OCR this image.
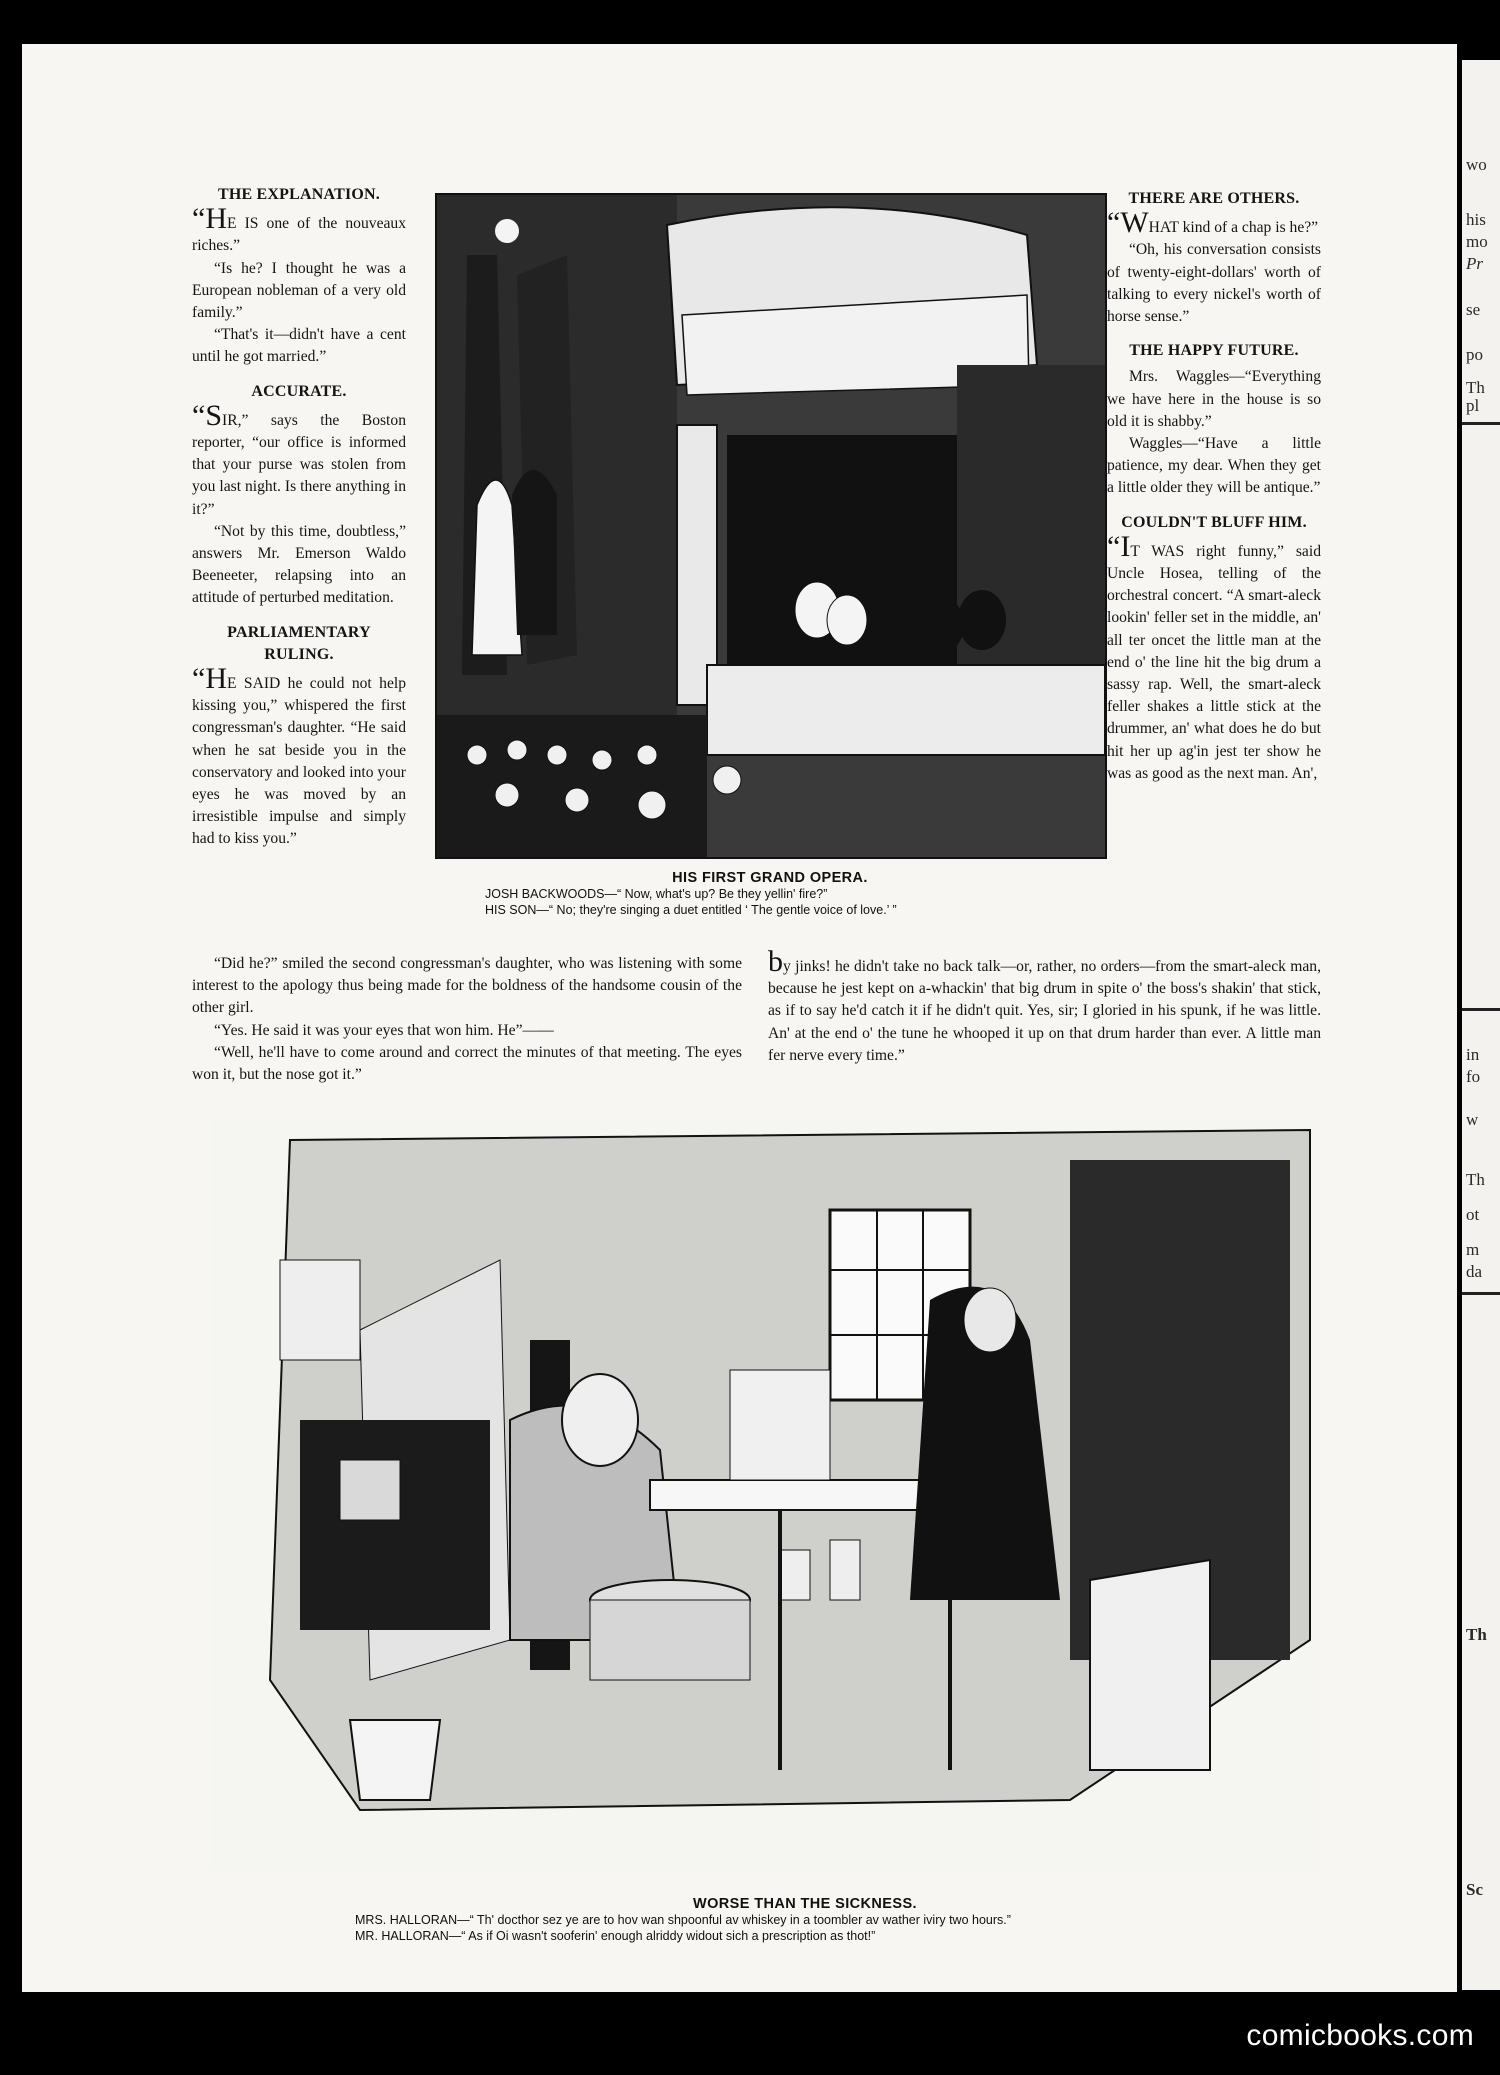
THE EXPLANATION.

“HE IS one of the nouveaux riches.”

“Is he? I thought he was a European nobleman of a very old family.”

“That's it—didn't have a cent until he got married.”

ACCURATE.

“SIR,” says the Boston reporter, “our office is informed that your purse was stolen from you last night. Is there anything in it?”

“Not by this time, doubtless,” answers Mr. Emerson Waldo Beeneeter, relapsing into an attitude of perturbed meditation.

PARLIAMENTARY RULING.

“HE SAID he could not help kissing you,” whispered the first congressman's daughter. “He said when he sat beside you in the conservatory and looked into your eyes he was moved by an irresistible impulse and simply had to kiss you.”

HIS FIRST GRAND OPERA.
JOSH BACKWOODS—“ Now, what's up? Be they yellin' fire?”
HIS SON—“ No; they're singing a duet entitled ‘ The gentle voice of love.’ ”
THERE ARE OTHERS.

“WHAT kind of a chap is he?”

“Oh, his conversation consists of twenty-eight-dollars' worth of talking to every nickel's worth of horse sense.”

THE HAPPY FUTURE.

Mrs. Waggles—“Everything we have here in the house is so old it is shabby.”

Waggles—“Have a little patience, my dear. When they get a little older they will be antique.”

COULDN'T BLUFF HIM.

“IT WAS right funny,” said Uncle Hosea, telling of the orchestral concert. “A smart-aleck lookin' feller set in the middle, an' all ter oncet the little man at the end o' the line hit the big drum a sassy rap. Well, the smart-aleck feller shakes a little stick at the drummer, an' what does he do but hit her up ag'in jest ter show he was as good as the next man. An',

“Did he?” smiled the second congressman's daughter, who was listening with some interest to the apology thus being made for the boldness of the handsome cousin of the other girl.

“Yes. He said it was your eyes that won him. He”——

“Well, he'll have to come around and correct the minutes of that meeting. The eyes won it, but the nose got it.”

by jinks! he didn't take no back talk—or, rather, no orders—from the smart-aleck man, because he jest kept on a-whackin' that big drum in spite o' the boss's shakin' that stick, as if to say he'd catch it if he didn't quit. Yes, sir; I gloried in his spunk, if he was little. An' at the end o' the tune he whooped it up on that drum harder than ever. A little man fer nerve every time.”

WORSE THAN THE SICKNESS.
MRS. HALLORAN—“ Th' docthor sez ye are to hov wan shpoonful av whiskey in a toombler av wather iviry two hours.”
MR. HALLORAN—“ As if Oi wasn't sooferin' enough alriddy widout sich a prescription as thot!”
wo
his
mo
Pr
se
po
Th
pl
in
fo
w
Th
ot
m
da
Th
Sc
comicbooks.com
